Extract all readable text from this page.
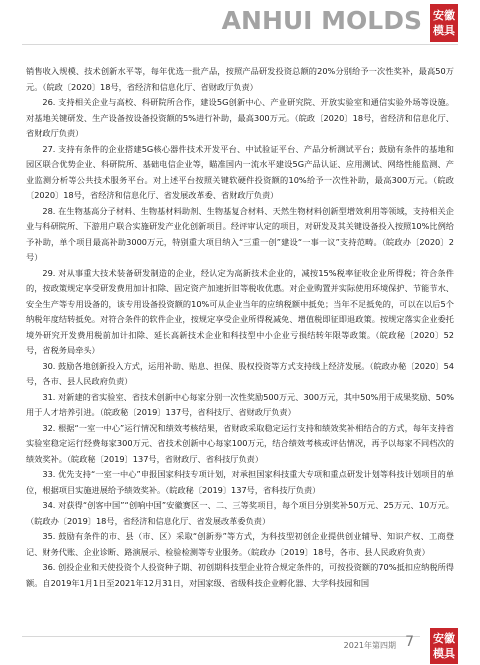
ANHUI MOLDS 安徽
模具

销售收入规模、技术创新水平等，每年优选一批产品，按照产品研发投资总额的20%分别给予一次性奖补，最高50万元。（皖政〔2020〕18号，省经济和信息化厅、省财政厅负责）

26. 支持相关企业与高校、科研院所合作，建设5G创新中心、产业研究院、开放实验室和通信实验外场等设施。对基地关键研发、生产设备按设备投资额的5%进行补助，最高300万元。（皖政〔2020〕18号，省经济和信息化厅、省财政厅负责）

27. 支持有条件的企业搭建5G核心器件技术开发平台、中试验证平台、产品分析测试平台；鼓励有条件的基地和园区联合优势企业、科研院所、基础电信企业等，瞄准国内一流水平建设5G产品认证、应用测试、网络性能监测、产业监测分析等公共技术服务平台。对上述平台按照关键软硬件投资额的10%给予一次性补助，最高300万元。（皖政〔2020〕18号，省经济和信息化厅、省发展改革委、省财政厅负责）

28. 在生物基高分子材料、生物基材料助剂、生物基复合材料、天然生物材料创新型增效利用等领域，支持相关企业与科研院所、下游用户联合实施研发产业化创新项目。经评审认定的项目，对研发及其关键设备投入按照10%比例给予补助，单个项目最高补助3000万元，特别重大项目纳入“三重一创”建设“一事一议”支持范畴。（皖政办〔2020〕2号）

29. 对从事重大技术装备研发制造的企业，经认定为高新技术企业的，减按15%税率征收企业所得税；符合条件的，按政策规定享受研发费用加计扣除、固定资产加速折旧等税收优惠。对企业购置并实际使用环境保护、节能节水、安全生产等专用设备的，该专用设备投资额的10%可从企业当年的应纳税额中抵免；当年不足抵免的，可以在以后5个纳税年度结转抵免。对符合条件的软件企业，按规定享受企业所得税减免、增值税即征即退政策。按规定落实企业委托境外研究开发费用税前加计扣除、延长高新技术企业和科技型中小企业亏损结转年限等政策。（皖政秘〔2020〕52号，省税务局牵头）

30. 鼓励各地创新投入方式，运用补助、贴息、担保、股权投资等方式支持线上经济发展。（皖政办秘〔2020〕54号，各市、县人民政府负责）

31. 对新建的省实验室、省技术创新中心每家分别一次性奖励500万元、300万元，其中50%用于成果奖励、50%用于人才培养引进。（皖政秘〔2019〕137号，省科技厅、省财政厅负责）

32. 根据“一室一中心”运行情况和绩效考核结果，省财政采取稳定运行支持和绩效奖补相结合的方式，每年支持省实验室稳定运行经费每家300万元、省技术创新中心每家100万元，结合绩效考核或评估情况，再予以每家不同档次的绩效奖补。（皖政秘〔2019〕137号，省财政厅、省科技厅负责）

33. 优先支持“一室一中心”申报国家科技专项计划，对承担国家科技重大专项和重点研发计划等科技计划项目的单位，根据项目实施进展给予绩效奖补。（皖政秘〔2019〕137号，省科技厅负责）

34. 对获得“创客中国”“创响中国”安徽赛区一、二、三等奖项目，每个项目分别奖补50万元、25万元、10万元。（皖政办〔2019〕18号，省经济和信息化厅、省发展改革委负责）

35. 鼓励有条件的市、县（市、区）采取“创新券”等方式，为科技型初创企业提供创业辅导、知识产权、工商登记、财务代账、企业诊断、路演展示、检验检测等专业服务。（皖政办〔2019〕18号，各市、县人民政府负责）

36. 创投企业和天使投资个人投资种子期、初创期科技型企业符合规定条件的，可按投资额的70%抵扣应纳税所得额。自2019年1月1日至2021年12月31日，对国家级、省级科技企业孵化器、大学科技园和国

2021年第四期 7 安徽
模具
